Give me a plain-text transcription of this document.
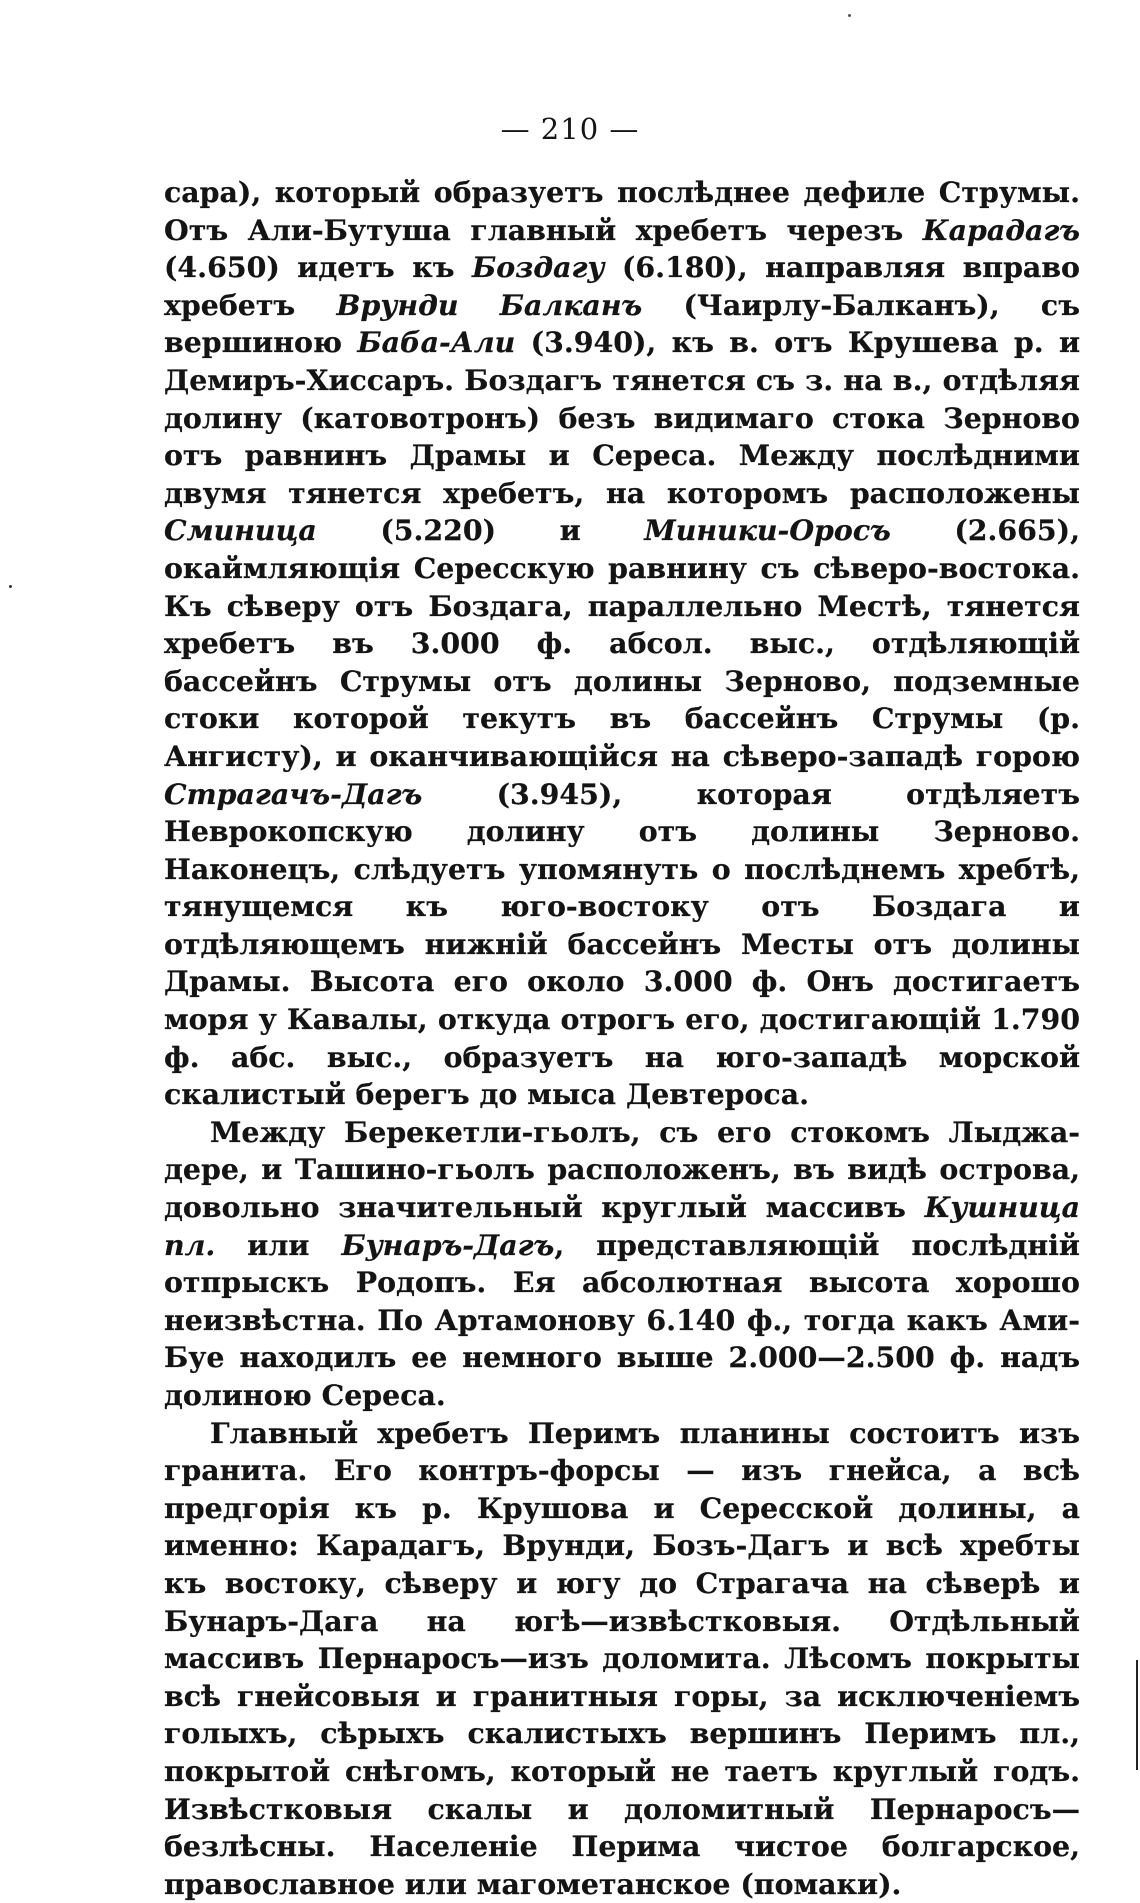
— 210 —

сара), который образуетъ послѣднее дефиле Струмы. Отъ Али-Бутуша главный хребетъ черезъ Карадагъ (4.650) идетъ къ Боздагу (6.180), направляя вправо хребетъ Врунди Балканъ (Чаирлу-Балканъ), съ вершиною Баба-Али (3.940), къ в. отъ Крушева р. и Демиръ-Хиссаръ. Боздагъ тянется съ з. на в., отдѣляя долину (катовотронъ) безъ видимаго стока Зерново отъ равнинъ Драмы и Сереса. Между послѣдними двумя тянется хребетъ, на которомъ расположены Сминица (5.220) и Миники-Оросъ (2.665), окаймляющія Сересскую равнину съ сѣверо-востока. Къ сѣверу отъ Боздага, параллельно Местѣ, тянется хребетъ въ 3.000 ф. абсол. выс., отдѣляющій бассейнъ Струмы отъ долины Зерново, подземные стоки которой текутъ въ бассейнъ Струмы (р. Ангисту), и оканчивающійся на сѣверо-западѣ горою Страгачъ-Дагъ (3.945), которая отдѣляетъ Неврокопскую долину отъ долины Зерново. Наконецъ, слѣдуетъ упомянуть о послѣднемъ хребтѣ, тянущемся къ юго-востоку отъ Боздага и отдѣляющемъ нижній бассейнъ Месты отъ долины Драмы. Высота его около 3.000 ф. Онъ достигаетъ моря у Кавалы, откуда отрогъ его, достигающій 1.790 ф. абс. выс., образуетъ на юго-западѣ морской скалистый берегъ до мыса Девтероса.

Между Берекетли-гьолъ, съ его стокомъ Лыджа-дере, и Ташино-гьолъ расположенъ, въ видѣ острова, довольно значительный круглый массивъ Кушница пл. или Бунаръ-Дагъ, представляющій послѣдній отпрыскъ Родопъ. Ея абсолютная высота хорошо неизвѣстна. По Артамонову 6.140 ф., тогда какъ Ами-Буе находилъ ее немного выше 2.000—2.500 ф. надъ долиною Сереса.

Главный хребетъ Перимъ планины состоитъ изъ гранита. Его контръ-форсы — изъ гнейса, а всѣ предгорія къ р. Крушова и Сересской долины, а именно: Карадагъ, Врунди, Бозъ-Дагъ и всѣ хребты къ востоку, сѣверу и югу до Страгача на сѣверѣ и Бунаръ-Дага на югѣ—извѣстковыя. Отдѣльный массивъ Пернаросъ—изъ доломита. Лѣсомъ покрыты всѣ гнейсовыя и гранитныя горы, за исключеніемъ голыхъ, сѣрыхъ скалистыхъ вершинъ Перимъ пл., покрытой снѣгомъ, который не таетъ круглый годъ. Извѣстковыя скалы и доломитный Пернаросъ—безлѣсны. Населеніе Перима чистое болгарское, православное или магометанское (помаки).
